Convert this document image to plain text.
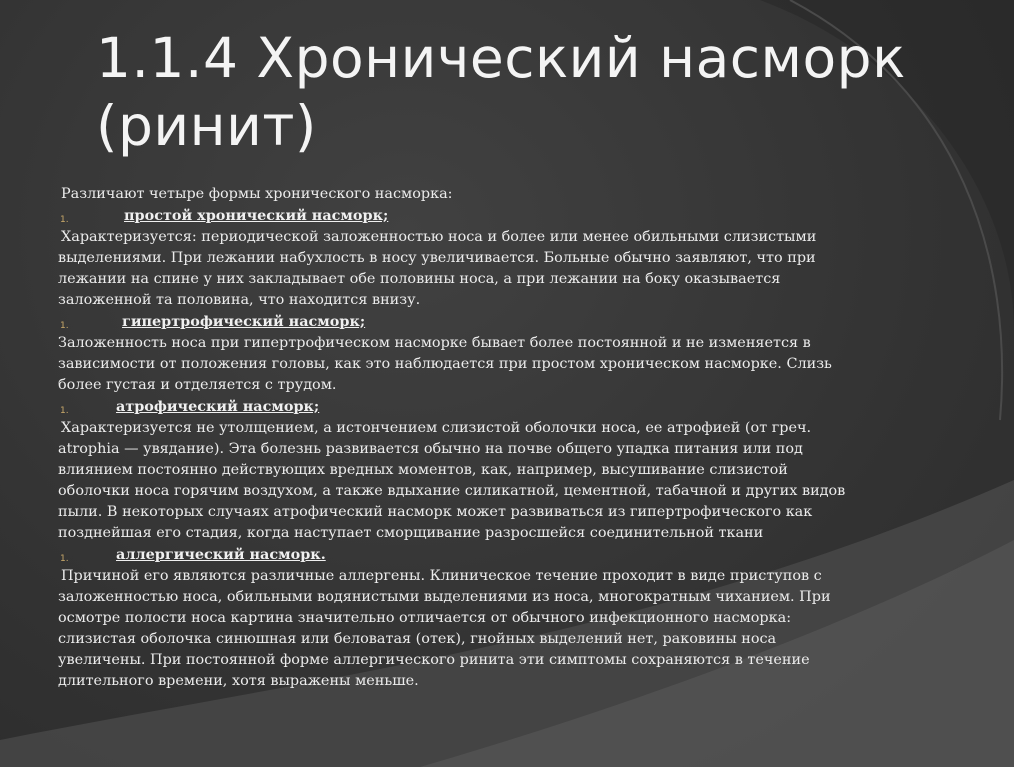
1.1.4 Хронический насморк (ринит)

Различают четыре формы хронического насморка:

1.	простой хронический насморк;

Характеризуется: периодической заложенностью носа и более или менее обильными слизистыми выделениями. При лежании набухлость в носу увеличивается. Больные обычно заявляют, что при лежании на спине у них закладывает обе половины носа, а при лежании на боку оказывается заложенной та половина, что находится внизу.

1.	гипертрофический насморк;

Заложенность носа при гипертрофическом насморке бывает более постоянной и не изменяется в зависимости от положения головы, как это наблюдается при простом хроническом насморке. Слизь более густая и отделяется с трудом.

1.	атрофический насморк;

Характеризуется не утолщением, а истончением слизистой оболочки носа, ее атрофией (от греч. atrophia — увядание). Эта болезнь развивается обычно на почве общего упадка питания или под влиянием постоянно действующих вредных моментов, как, например, высушивание слизистой оболочки носа горячим воздухом, а также вдыхание силикатной, цементной, табачной и других видов пыли. В некоторых случаях атрофический насморк может развиваться из гипертрофического как позднейшая его стадия, когда наступает сморщивание разросшейся соединительной ткани

1.	аллергический насморк.

Причиной его являются различные аллергены. Клиническое течение проходит в виде приступов с заложенностью носа, обильными водянистыми выделениями из носа, многократным чиханием. При осмотре полости носа картина значительно отличается от обычного инфекционного насморка: слизистая оболочка синюшная или беловатая (отек), гнойных выделений нет, раковины носа увеличены. При постоянной форме аллергического ринита эти симптомы сохраняются в течение длительного времени, хотя выражены меньше.
